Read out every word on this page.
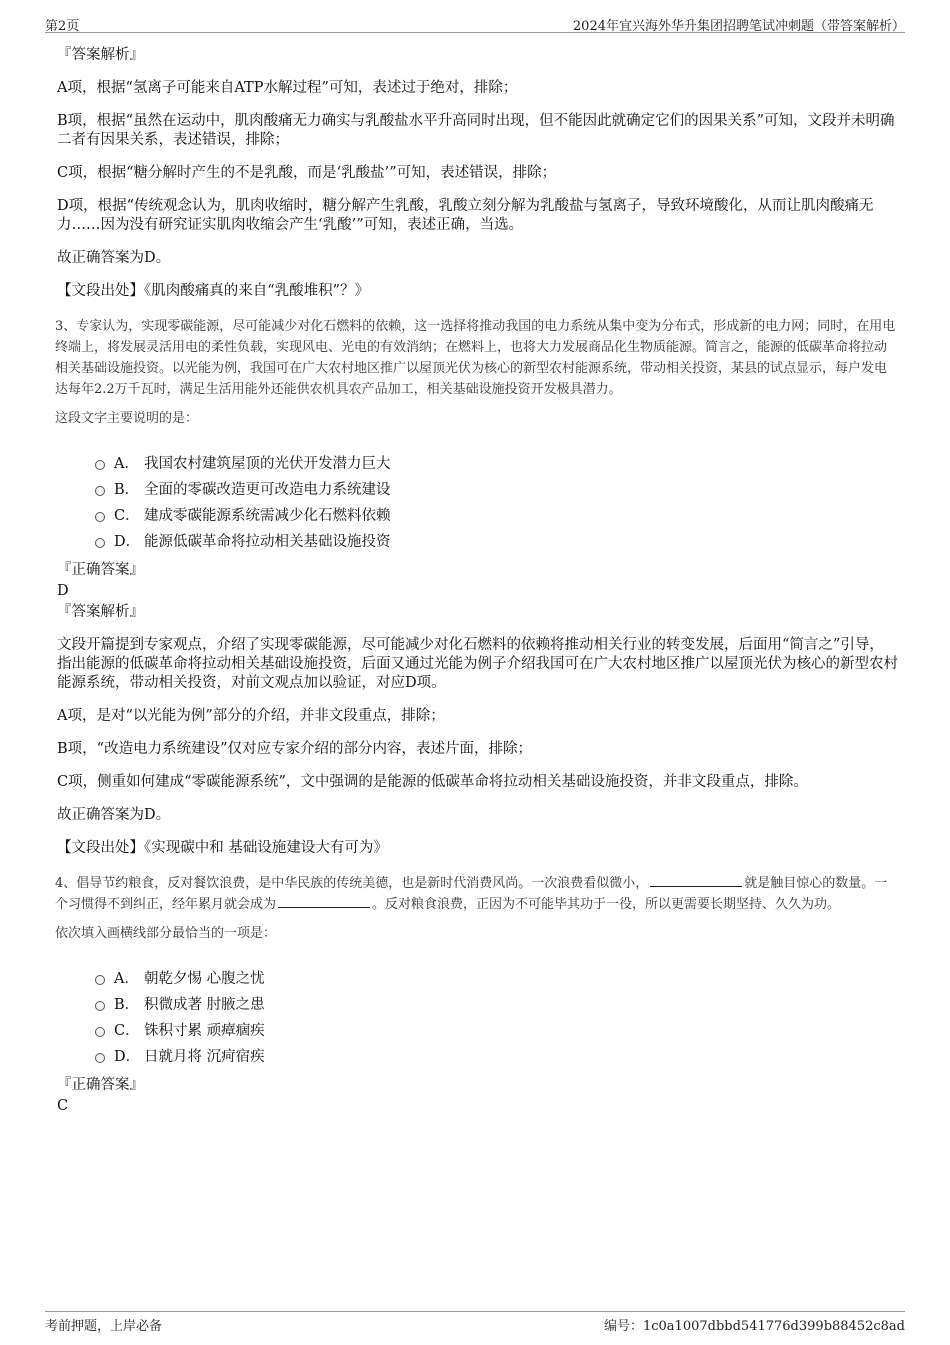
第2页	2024年宜兴海外华升集团招聘笔试冲刺题（带答案解析）
『答案解析』
A项，根据“氢离子可能来自ATP水解过程”可知，表述过于绝对，排除；
B项，根据“虽然在运动中，肌肉酸痛无力确实与乳酸盐水平升高同时出现，但不能因此就确定它们的因果关系”可知，文段并未明确二者有因果关系，表述错误，排除；
C项，根据“糖分解时产生的不是乳酸，而是‘乳酸盐’”可知，表述错误，排除；
D项，根据“传统观念认为，肌肉收缩时，糖分解产生乳酸，乳酸立刻分解为乳酸盐与氢离子，导致环境酸化，从而让肌肉酸痛无力……因为没有研究证实肌肉收缩会产生‘乳酸’”可知，表述正确，当选。
故正确答案为D。
【文段出处】《肌肉酸痛真的来自“乳酸堆积”？》
3、专家认为，实现零碳能源，尽可能减少对化石燃料的依赖，这一选择将推动我国的电力系统从集中变为分布式，形成新的电力网；同时，在用电终端上，将发展灵活用电的柔性负载，实现风电、光电的有效消纳；在燃料上，也将大力发展商品化生物质能源。简言之，能源的低碳革命将拉动相关基础设施投资。以光能为例，我国可在广大农村地区推广以屋顶光伏为核心的新型农村能源系统，带动相关投资，某县的试点显示，每户发电达每年2.2万千瓦时，满足生活用能外还能供农机具农产品加工，相关基础设施投资开发极具潜力。
这段文字主要说明的是：
A． 我国农村建筑屋顶的光伏开发潜力巨大
B． 全面的零碳改造更可改造电力系统建设
C． 建成零碳能源系统需减少化石燃料依赖
D． 能源低碳革命将拉动相关基础设施投资
『正确答案』
D
『答案解析』
文段开篇提到专家观点，介绍了实现零碳能源，尽可能减少对化石燃料的依赖将推动相关行业的转变发展，后面用“简言之”引导，指出能源的低碳革命将拉动相关基础设施投资，后面又通过光能为例子介绍我国可在广大农村地区推广以屋顶光伏为核心的新型农村能源系统，带动相关投资，对前文观点加以验证，对应D项。
A项，是对“以光能为例”部分的介绍，并非文段重点，排除；
B项，“改造电力系统建设”仅对应专家介绍的部分内容，表述片面，排除；
C项，侧重如何建成“零碳能源系统”，文中强调的是能源的低碳革命将拉动相关基础设施投资，并非文段重点，排除。
故正确答案为D。
【文段出处】《实现碳中和 基础设施建设大有可为》
4、倡导节约粮食，反对餐饮浪费，是中华民族的传统美德，也是新时代消费风尚。一次浪费看似微小，	就是触目惊心的数量。一个习惯得不到纠正，经年累月就会成为	。反对粮食浪费，正因为不可能毕其功于一役，所以更需要长期坚持、久久为功。
依次填入画横线部分最恰当的一项是：
A． 朝乾夕惕 心腹之忧
B． 积微成著 肘腋之患
C． 铢积寸累 顽瘴痼疾
D． 日就月将 沉疴宿疾
『正确答案』
C
考前押题，上岸必备	编号：1c0a1007dbbd541776d399b88452c8ad
